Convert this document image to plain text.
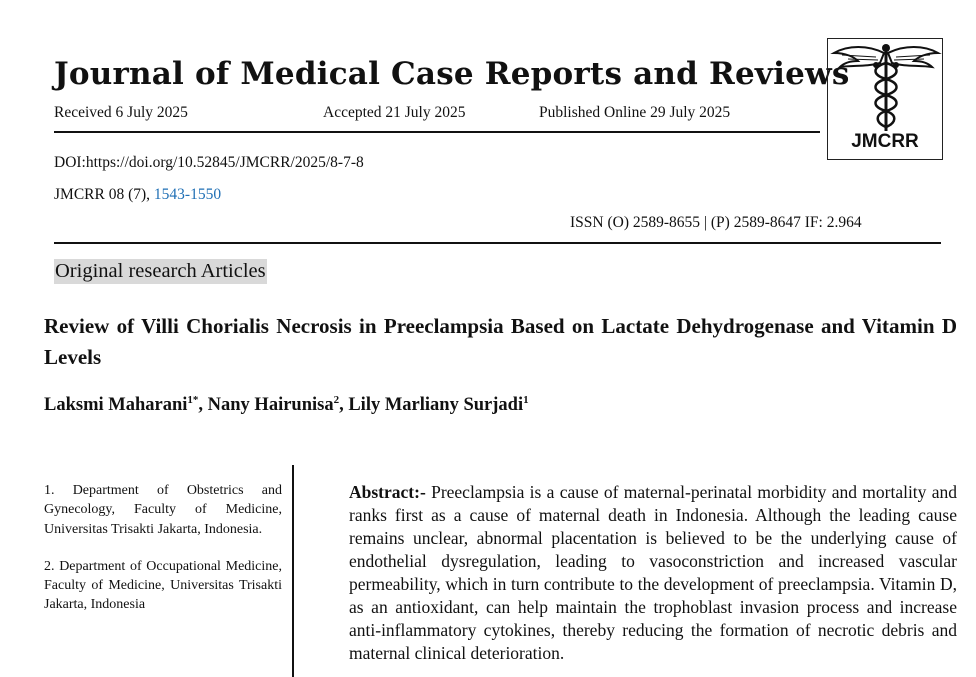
Journal of Medical Case Reports and Reviews
Received 6 July 2025	Accepted 21 July 2025	Published Online 29 July 2025
JMCRR
DOI:https://doi.org/10.52845/JMCRR/2025/8-7-8
JMCRR 08 (7), 1543-1550
ISSN (O) 2589-8655 | (P) 2589-8647 IF: 2.964
Original research Articles
Review of Villi Chorialis Necrosis in Preeclampsia Based on Lactate Dehydrogenase and Vitamin D Levels
Laksmi Maharani$^{1*}$, Nany Hairunisa$^2$, Lily Marliany Surjadi$^1$
1. Department of Obstetrics and Gynecology, Faculty of Medicine, Universitas Trisakti Jakarta, Indonesia.
2. Department of Occupational Medicine, Faculty of Medicine, Universitas Trisakti Jakarta, Indonesia
Abstract:- Preeclampsia is a cause of maternal-perinatal morbidity and mortality and ranks first as a cause of maternal death in Indonesia. Although the leading cause remains unclear, abnormal placentation is believed to be the underlying cause of endothelial dysregulation, leading to vasoconstriction and increased vascular permeability, which in turn contribute to the development of preeclampsia. Vitamin D, as an antioxidant, can help maintain the trophoblast invasion process and increase anti-inflammatory cytokines, thereby reducing the formation of necrotic debris and maternal clinical deterioration.
